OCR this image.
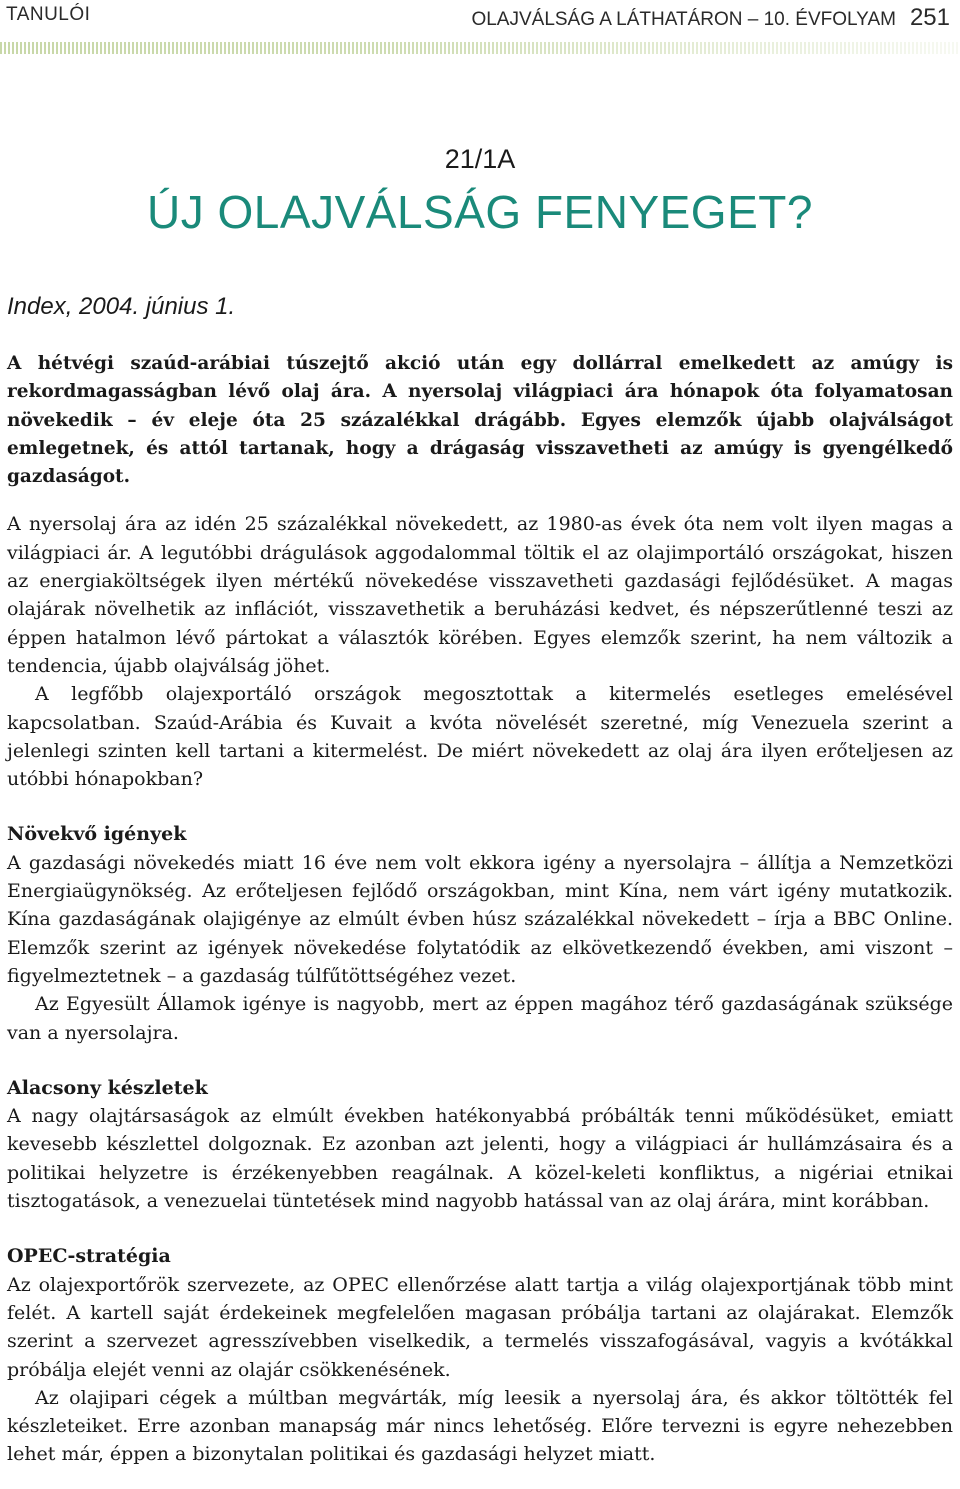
TANULÓI	OLAJVÁLSÁG A LÁTHATÁRON – 10. ÉVFOLYAM 251
21/1A
ÚJ OLAJVÁLSÁG FENYEGET?
Index, 2004. június 1.

A hétvégi szaúd-arábiai túszejtő akció után egy dollárral emelkedett az amúgy is rekordmagasságban lévő olaj ára. A nyersolaj világpiaci ára hónapok óta folyamatosan növekedik – év eleje óta 25 százalékkal drágább. Egyes elemzők újabb olajválságot emlegetnek, és attól tartanak, hogy a drágaság visszavetheti az amúgy is gyengélkedő gazdaságot.

A nyersolaj ára az idén 25 százalékkal növekedett, az 1980-as évek óta nem volt ilyen magas a világpiaci ár. A legutóbbi drágulások aggodalommal töltik el az olajimportáló országokat, hiszen az energiaköltségek ilyen mértékű növekedése visszavetheti gazdasági fejlődésüket. A magas olajárak növelhetik az inflációt, visszavethetik a beruházási kedvet, és népszerűtlenné teszi az éppen hatalmon lévő pártokat a választók körében. Egyes elemzők szerint, ha nem változik a tendencia, újabb olajválság jöhet.

A legfőbb olajexportáló országok megosztottak a kitermelés esetleges emelésével kapcsolatban. Szaúd-Arábia és Kuvait a kvóta növelését szeretné, míg Venezuela szerint a jelenlegi szinten kell tartani a kitermelést. De miért növekedett az olaj ára ilyen erőteljesen az utóbbi hónapokban?

Növekvő igények

A gazdasági növekedés miatt 16 éve nem volt ekkora igény a nyersolajra – állítja a Nemzetközi Energiaügynökség. Az erőteljesen fejlődő országokban, mint Kína, nem várt igény mutatkozik. Kína gazdaságának olajigénye az elmúlt évben húsz százalékkal növekedett – írja a BBC Online. Elemzők szerint az igények növekedése folytatódik az elkövetkezendő években, ami viszont – figyelmeztetnek – a gazdaság túlfűtöttségéhez vezet.

Az Egyesült Államok igénye is nagyobb, mert az éppen magához térő gazdaságának szüksége van a nyersolajra.

Alacsony készletek

A nagy olajtársaságok az elmúlt években hatékonyabbá próbálták tenni működésüket, emiatt kevesebb készlettel dolgoznak. Ez azonban azt jelenti, hogy a világpiaci ár hullámzásaira és a politikai helyzetre is érzékenyebben reagálnak. A közel-keleti konfliktus, a nigériai etnikai tisztogatások, a venezuelai tüntetések mind nagyobb hatással van az olaj árára, mint korábban.

OPEC-stratégia

Az olajexportőrök szervezete, az OPEC ellenőrzése alatt tartja a világ olajexportjának több mint felét. A kartell saját érdekeinek megfelelően magasan próbálja tartani az olajárakat. Elemzők szerint a szervezet agresszívebben viselkedik, a termelés visszafogásával, vagyis a kvótákkal próbálja elejét venni az olajár csökkenésének.

Az olajipari cégek a múltban megvárták, míg leesik a nyersolaj ára, és akkor töltötték fel készleteiket. Erre azonban manapság már nincs lehetőség. Előre tervezni is egyre nehezebben lehet már, éppen a bizonytalan politikai és gazdasági helyzet miatt.
